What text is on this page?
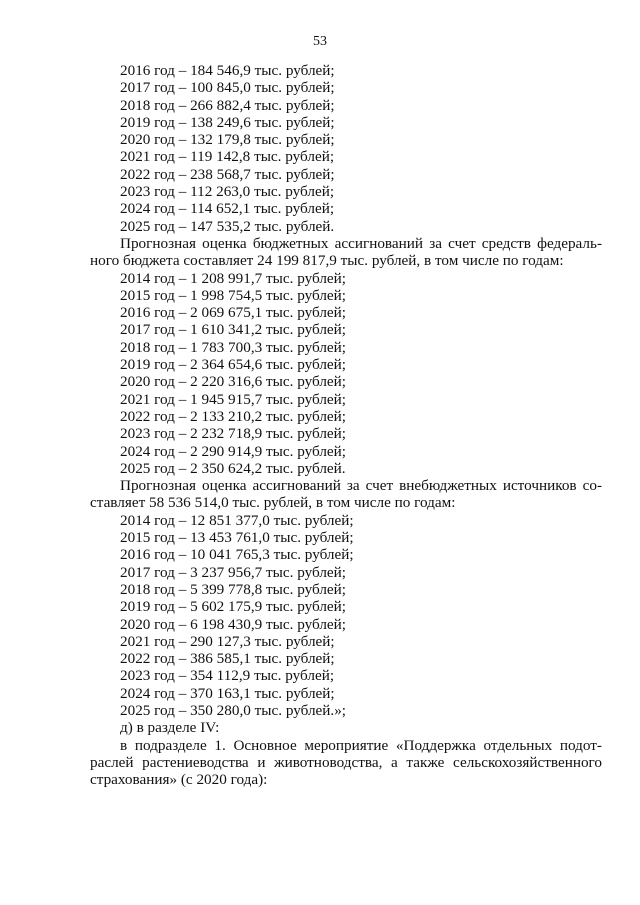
53
2016 год – 184 546,9 тыс. рублей;
2017 год – 100 845,0 тыс. рублей;
2018 год – 266 882,4 тыс. рублей;
2019 год – 138 249,6 тыс. рублей;
2020 год – 132 179,8 тыс. рублей;
2021 год – 119 142,8 тыс. рублей;
2022 год – 238 568,7 тыс. рублей;
2023 год – 112 263,0 тыс. рублей;
2024 год – 114 652,1 тыс. рублей;
2025 год – 147 535,2 тыс. рублей.
Прогнозная оценка бюджетных ассигнований за счет средств федераль-
ного бюджета составляет 24 199 817,9 тыс. рублей, в том числе по годам:
2014 год – 1 208 991,7 тыс. рублей;
2015 год – 1 998 754,5 тыс. рублей;
2016 год – 2 069 675,1 тыс. рублей;
2017 год – 1 610 341,2 тыс. рублей;
2018 год – 1 783 700,3 тыс. рублей;
2019 год – 2 364 654,6 тыс. рублей;
2020 год – 2 220 316,6 тыс. рублей;
2021 год – 1 945 915,7 тыс. рублей;
2022 год – 2 133 210,2 тыс. рублей;
2023 год – 2 232 718,9 тыс. рублей;
2024 год – 2 290 914,9 тыс. рублей;
2025 год – 2 350 624,2 тыс. рублей.
Прогнозная оценка ассигнований за счет внебюджетных источников со-
ставляет 58 536 514,0 тыс. рублей, в том числе по годам:
2014 год – 12 851 377,0 тыс. рублей;
2015 год – 13 453 761,0 тыс. рублей;
2016 год – 10 041 765,3 тыс. рублей;
2017 год – 3 237 956,7 тыс. рублей;
2018 год – 5 399 778,8 тыс. рублей;
2019 год – 5 602 175,9 тыс. рублей;
2020 год – 6 198 430,9 тыс. рублей;
2021 год – 290 127,3 тыс. рублей;
2022 год – 386 585,1 тыс. рублей;
2023 год – 354 112,9 тыс. рублей;
2024 год – 370 163,1 тыс. рублей;
2025 год – 350 280,0 тыс. рублей.»;
д) в разделе IV:
в подразделе 1. Основное мероприятие «Поддержка отдельных подот-
раслей растениеводства и животноводства, а также сельскохозяйственного
страхования» (с 2020 года):
